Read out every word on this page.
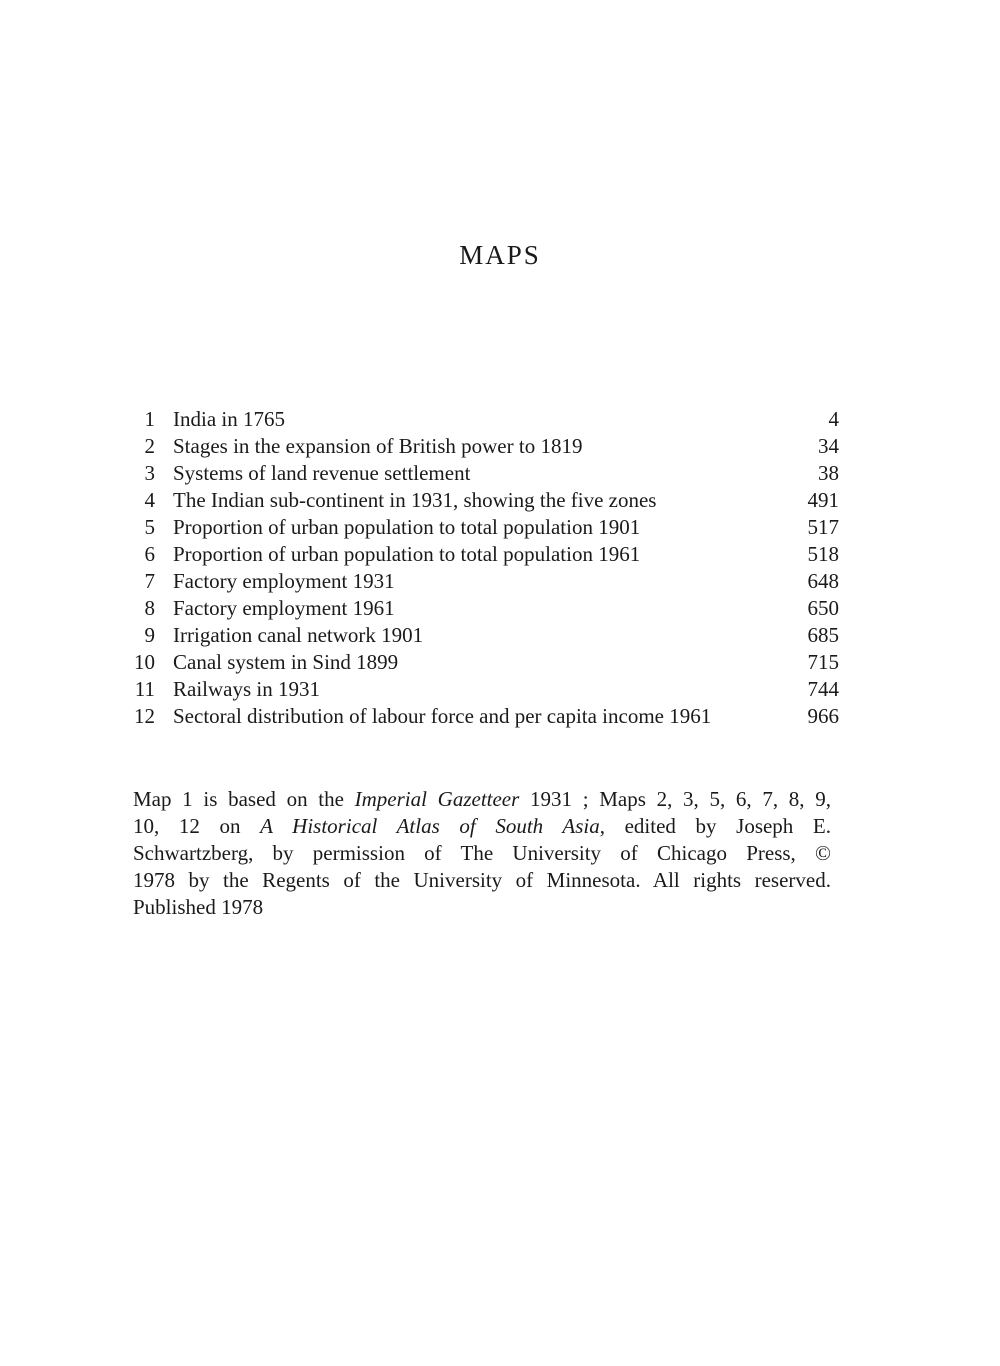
MAPS
1 India in 1765	4
2 Stages in the expansion of British power to 1819	34
3 Systems of land revenue settlement	38
4 The Indian sub-continent in 1931, showing the five zones	491
5 Proportion of urban population to total population 1901	517
6 Proportion of urban population to total population 1961	518
7 Factory employment 1931	648
8 Factory employment 1961	650
9 Irrigation canal network 1901	685
10 Canal system in Sind 1899	715
11 Railways in 1931	744
12 Sectoral distribution of labour force and per capita income 1961	966

Map 1 is based on the Imperial Gazetteer 1931 ; Maps 2, 3, 5, 6, 7, 8, 9,
10, 12 on A Historical Atlas of South Asia, edited by Joseph E.
Schwartzberg, by permission of The University of Chicago Press, ©
1978 by the Regents of the University of Minnesota. All rights reserved.
Published 1978
